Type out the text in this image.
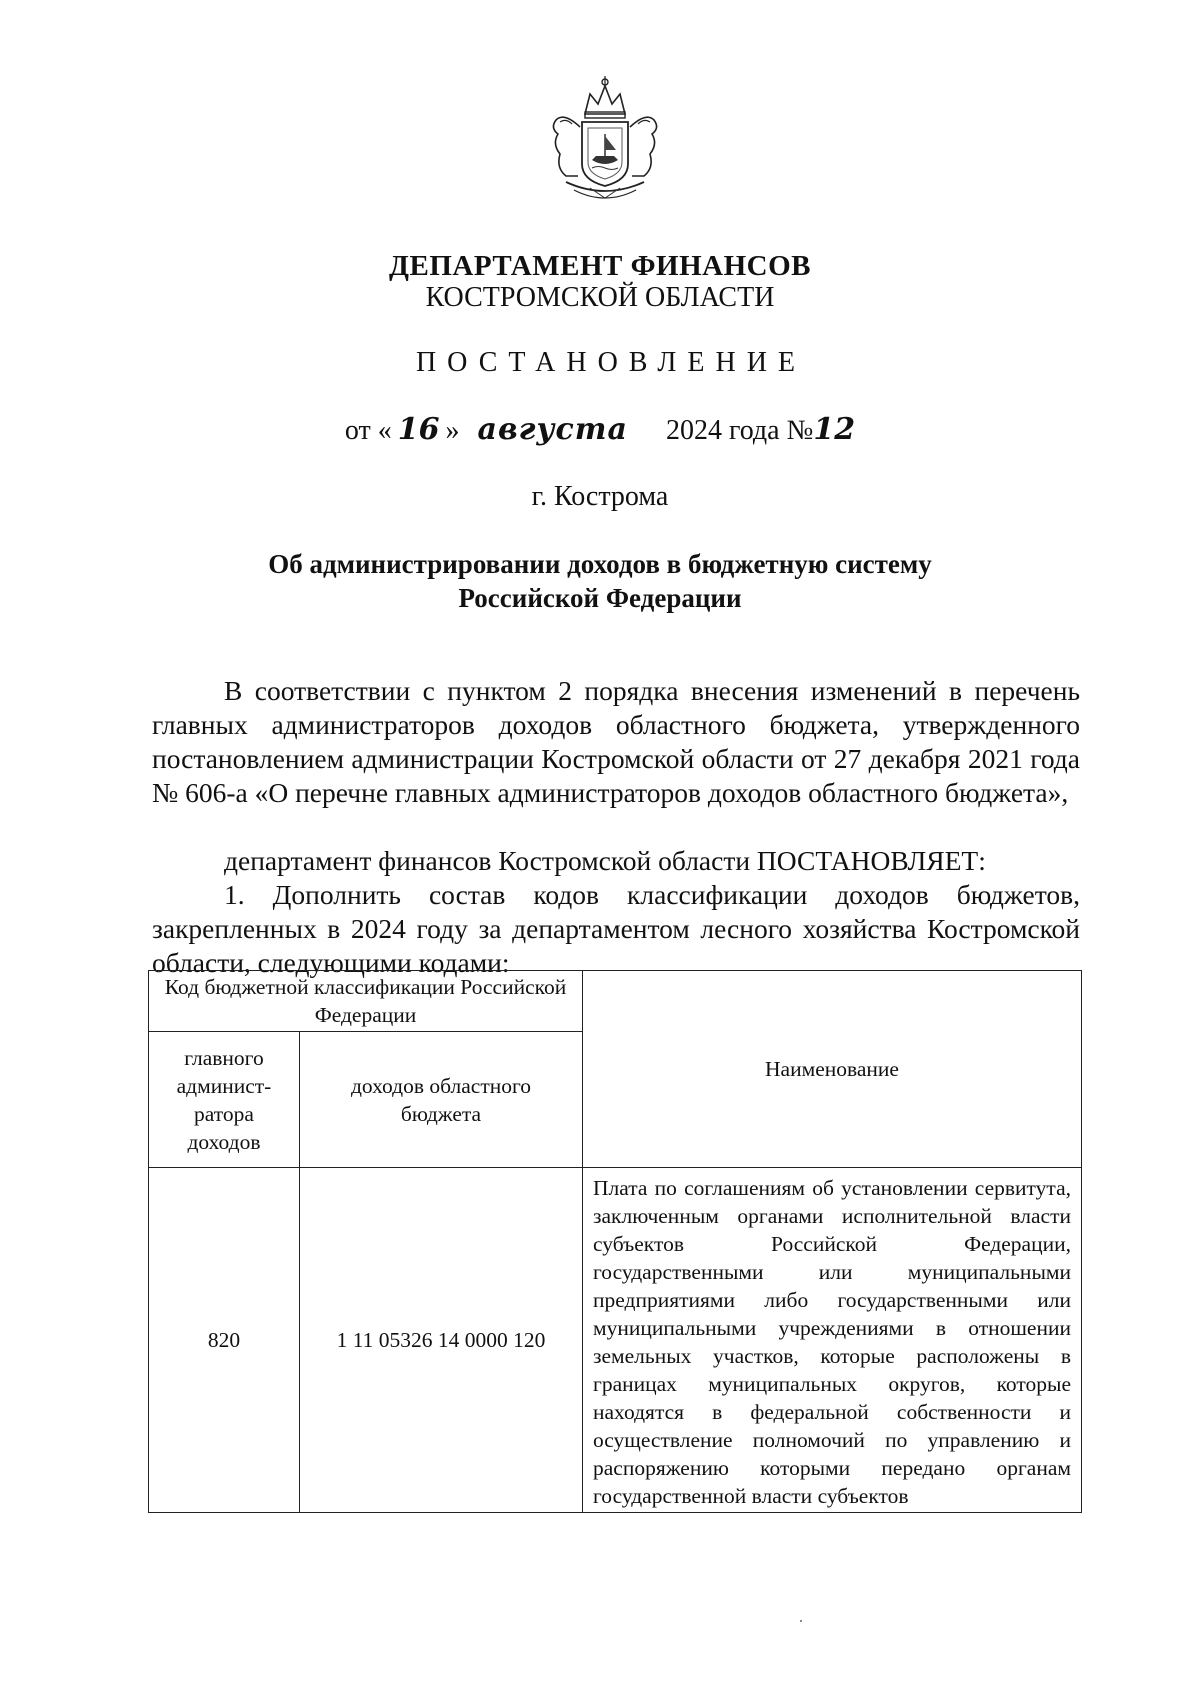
ДЕПАРТАМЕНТ ФИНАНСОВ
КОСТРОМСКОЙ ОБЛАСТИ
ПОСТАНОВЛЕНИЕ
от « 16 » августа 2024 года №12
г. Кострома
Об администрировании доходов в бюджетную систему
Российской Федерации
В соответствии с пунктом 2 порядка внесения изменений в перечень главных администраторов доходов областного бюджета, утвержденного постановлением администрации Костромской области от 27 декабря 2021 года № 606-а «О перечне главных администраторов доходов областного бюджета»,
департамент финансов Костромской области ПОСТАНОВЛЯЕТ:
1. Дополнить состав кодов классификации доходов бюджетов, закрепленных в 2024 году за департаментом лесного хозяйства Костромской области, следующими кодами:
Код бюджетной классификации Российской Федерации		Наименование
главного админист-ратора доходов	доходов областного бюджета	
820	1 11 05326 14 0000 120	Плата по соглашениям об установлении сервитута, заключенным органами исполнительной власти субъектов Российской Федерации, государственными или муниципальными предприятиями либо государственными или муниципальными учреждениями в отношении земельных участков, которые расположены в границах муниципальных округов, которые находятся в федеральной собственности и осуществление полномочий по управлению и распоряжению которыми передано органам государственной власти субъектов
